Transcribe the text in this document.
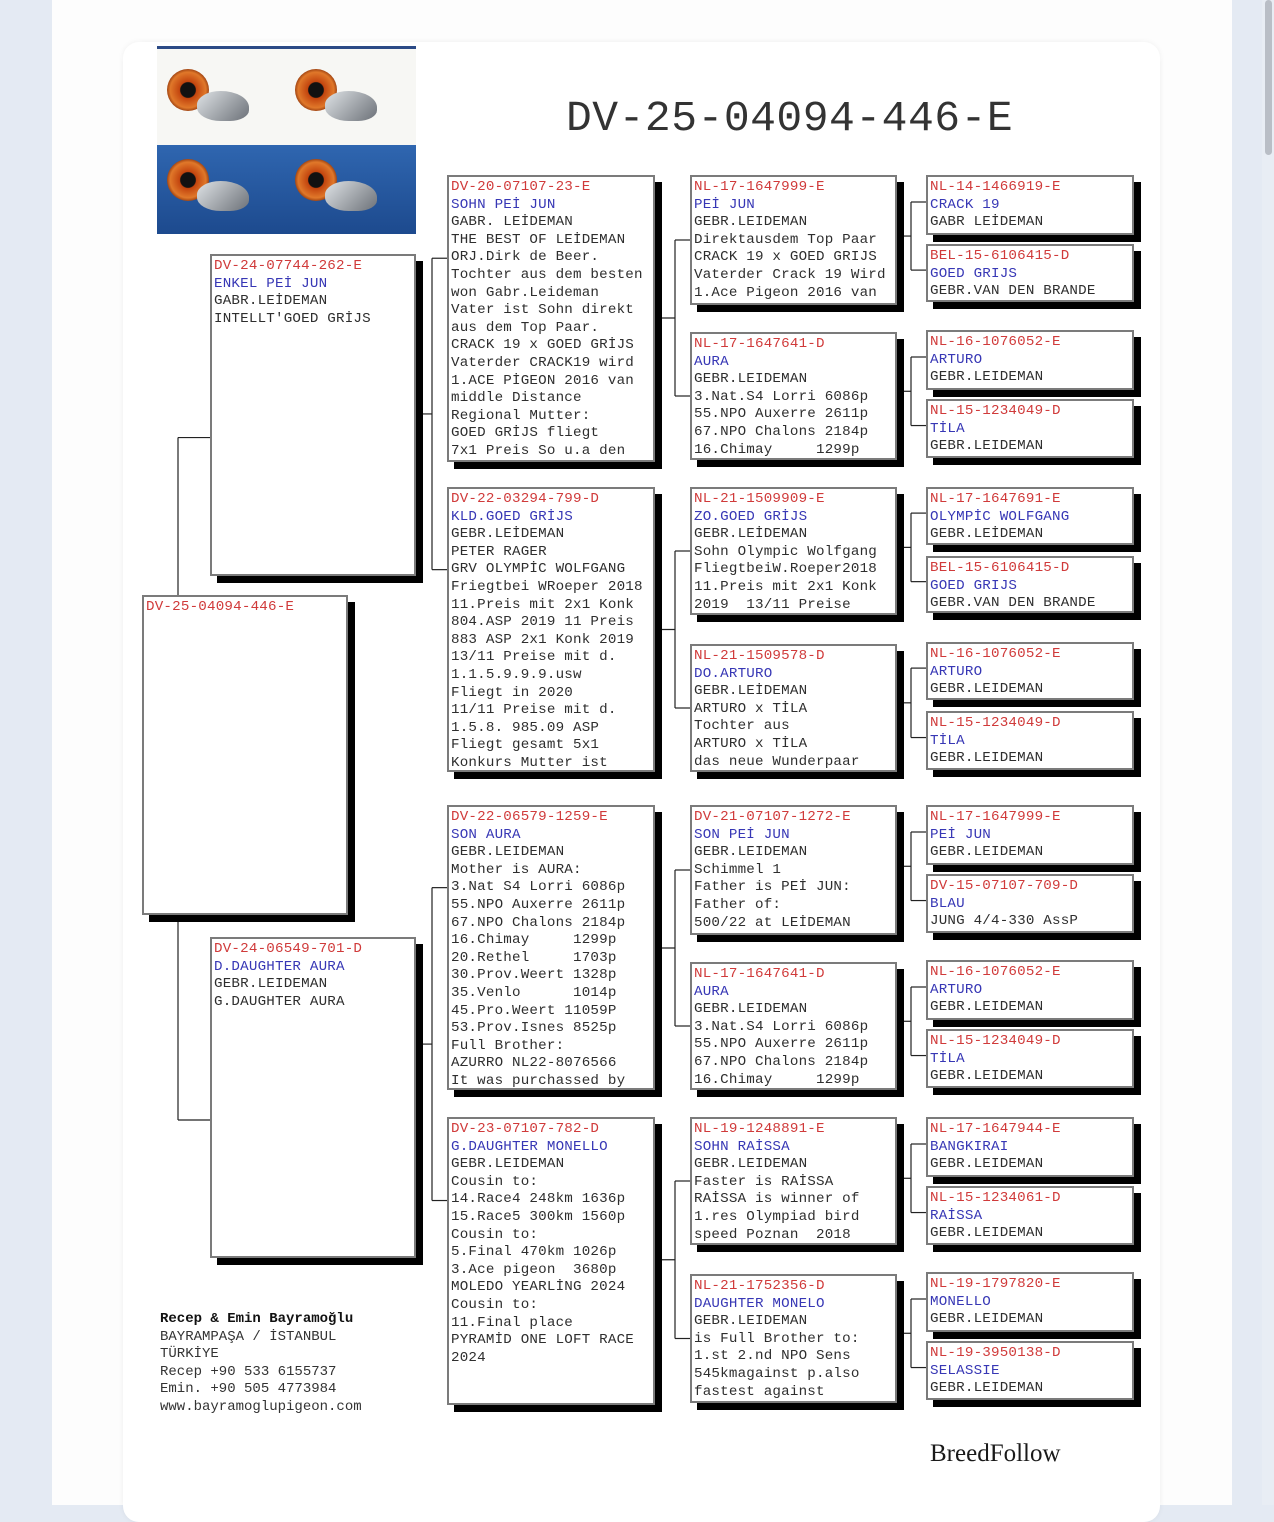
DV-25-04094-446-E
DV-25-04094-446-E
DV-24-07744-262-E
ENKEL PEİ JUN
GABR.LEİDEMAN
INTELLT'GOED GRİJS
DV-24-06549-701-D
D.DAUGHTER AURA
GEBR.LEIDEMAN
G.DAUGHTER AURA
DV-20-07107-23-E
SOHN PEİ JUN
GABR. LEİDEMAN
THE BEST OF LEİDEMAN
ORJ.Dirk de Beer.
Tochter aus dem besten
won Gabr.Leideman
Vater ist Sohn direkt
aus dem Top Paar.
CRACK 19 x GOED GRİJS
Vaterder CRACK19 wird
1.ACE PİGEON 2016 van
middle Distance
Regional Mutter:
GOED GRİJS fliegt
7x1 Preis So u.a den
DV-22-03294-799-D
KLD.GOED GRİJS
GEBR.LEİDEMAN
PETER RAGER
GRV OLYMPİC WOLFGANG
Friegtbei WRoeper 2018
11.Preis mit 2x1 Konk
804.ASP 2019 11 Preis
883 ASP 2x1 Konk 2019
13/11 Preise mit d.
1.1.5.9.9.9.usw
Fliegt in 2020
11/11 Preise mit d.
1.5.8. 985.09 ASP
Fliegt gesamt 5x1
Konkurs Mutter ist
DV-22-06579-1259-E
SON AURA
GEBR.LEIDEMAN
Mother is AURA:
3.Nat S4 Lorri 6086p
55.NPO Auxerre 2611p
67.NPO Chalons 2184p
16.Chimay     1299p
20.Rethel     1703p
30.Prov.Weert 1328p
35.Venlo      1014p
45.Pro.Weert 11059P
53.Prov.Isnes 8525p
Full Brother:
AZURRO NL22-8076566
It was purchassed by
DV-23-07107-782-D
G.DAUGHTER MONELLO
GEBR.LEIDEMAN
Cousin to:
14.Race4 248km 1636p
15.Race5 300km 1560p
Cousin to:
5.Final 470km 1026p
3.Ace pigeon  3680p
MOLEDO YEARLİNG 2024
Cousin to:
11.Final place
PYRAMİD ONE LOFT RACE
2024
NL-17-1647999-E
PEİ JUN
GEBR.LEIDEMAN
Direktausdem Top Paar
CRACK 19 x GOED GRIJS
Vaterder Crack 19 Wird
1.Ace Pigeon 2016 van
NL-17-1647641-D
AURA
GEBR.LEIDEMAN
3.Nat.S4 Lorri 6086p
55.NPO Auxerre 2611p
67.NPO Chalons 2184p
16.Chimay     1299p
NL-21-1509909-E
ZO.GOED GRİJS
GEBR.LEİDEMAN
Sohn Olympic Wolfgang
FliegtbeiW.Roeper2018
11.Preis mit 2x1 Konk
2019  13/11 Preise
NL-21-1509578-D
DO.ARTURO
GEBR.LEİDEMAN
ARTURO x TİLA
Tochter aus
ARTURO x TİLA
das neue Wunderpaar
DV-21-07107-1272-E
SON PEİ JUN
GEBR.LEIDEMAN
Schimmel 1
Father is PEİ JUN:
Father of:
500/22 at LEİDEMAN
NL-17-1647641-D
AURA
GEBR.LEIDEMAN
3.Nat.S4 Lorri 6086p
55.NPO Auxerre 2611p
67.NPO Chalons 2184p
16.Chimay     1299p
NL-19-1248891-E
SOHN RAİSSA
GEBR.LEIDEMAN
Faster is RAİSSA
RAİSSA is winner of
1.res Olympiad bird
speed Poznan  2018
NL-21-1752356-D
DAUGHTER MONELO
GEBR.LEIDEMAN
is Full Brother to:
1.st 2.nd NPO Sens
545kmagainst p.also
fastest against
NL-14-1466919-E
CRACK 19
GABR LEİDEMAN
BEL-15-6106415-D
GOED GRIJS
GEBR.VAN DEN BRANDE
NL-16-1076052-E
ARTURO
GEBR.LEIDEMAN
NL-15-1234049-D
TİLA
GEBR.LEIDEMAN
NL-17-1647691-E
OLYMPİC WOLFGANG
GEBR.LEİDEMAN
BEL-15-6106415-D
GOED GRIJS
GEBR.VAN DEN BRANDE
NL-16-1076052-E
ARTURO
GEBR.LEIDEMAN
NL-15-1234049-D
TİLA
GEBR.LEIDEMAN
NL-17-1647999-E
PEİ JUN
GEBR.LEIDEMAN
DV-15-07107-709-D
BLAU
JUNG 4/4-330 AssP
NL-16-1076052-E
ARTURO
GEBR.LEIDEMAN
NL-15-1234049-D
TİLA
GEBR.LEIDEMAN
NL-17-1647944-E
BANGKIRAI
GEBR.LEIDEMAN
NL-15-1234061-D
RAİSSA
GEBR.LEIDEMAN
NL-19-1797820-E
MONELLO
GEBR.LEIDEMAN
NL-19-3950138-D
SELASSIE
GEBR.LEIDEMAN
Recep & Emin Bayramoğlu
BAYRAMPAŞA / İSTANBUL
TÜRKİYE
Recep +90 533 6155737
Emin. +90 505 4773984
www.bayramoglupigeon.com
BreedFollow
